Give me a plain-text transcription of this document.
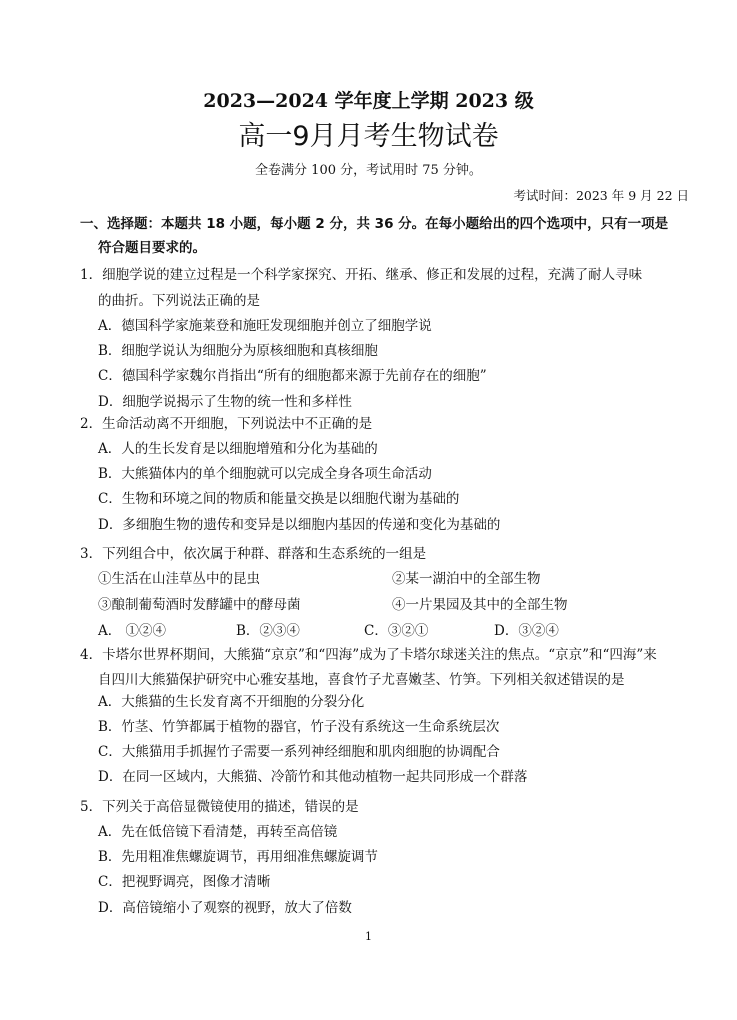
2023—2024 学年度上学期 2023 级
高一9月月考生物试卷
全卷满分 100 分，考试用时 75 分钟。
考试时间：2023 年 9 月 22 日
一、选择题：本题共 18 小题，每小题 2 分，共 36 分。在每小题给出的四个选项中，只有一项是
符合题目要求的。
1．细胞学说的建立过程是一个科学家探究、开拓、继承、修正和发展的过程，充满了耐人寻味
的曲折。下列说法正确的是
A．德国科学家施莱登和施旺发现细胞并创立了细胞学说
B．细胞学说认为细胞分为原核细胞和真核细胞
C．德国科学家魏尔肖指出“所有的细胞都来源于先前存在的细胞”
D．细胞学说揭示了生物的统一性和多样性
2．生命活动离不开细胞，下列说法中不正确的是
A．人的生长发育是以细胞增殖和分化为基础的
B．大熊猫体内的单个细胞就可以完成全身各项生命活动
C．生物和环境之间的物质和能量交换是以细胞代谢为基础的
D．多细胞生物的遗传和变异是以细胞内基因的传递和变化为基础的
3．下列组合中，依次属于种群、群落和生态系统的一组是
①生活在山洼草丛中的昆虫	②某一湖泊中的全部生物
③酿制葡萄酒时发酵罐中的酵母菌	④一片果园及其中的全部生物
A． ①②④	B．②③④	C．③②①	D．③②④
4．卡塔尔世界杯期间，大熊猫“京京”和“四海”成为了卡塔尔球迷关注的焦点。“京京”和“四海”来
自四川大熊猫保护研究中心雅安基地，喜食竹子尤喜嫩茎、竹笋。下列相关叙述错误的是
A．大熊猫的生长发育离不开细胞的分裂分化
B．竹茎、竹笋都属于植物的器官，竹子没有系统这一生命系统层次
C．大熊猫用手抓握竹子需要一系列神经细胞和肌肉细胞的协调配合
D．在同一区域内，大熊猫、冷箭竹和其他动植物一起共同形成一个群落
5．下列关于高倍显微镜使用的描述，错误的是
A．先在低倍镜下看清楚，再转至高倍镜
B．先用粗准焦螺旋调节，再用细准焦螺旋调节
C．把视野调亮，图像才清晰
D．高倍镜缩小了观察的视野，放大了倍数
1
